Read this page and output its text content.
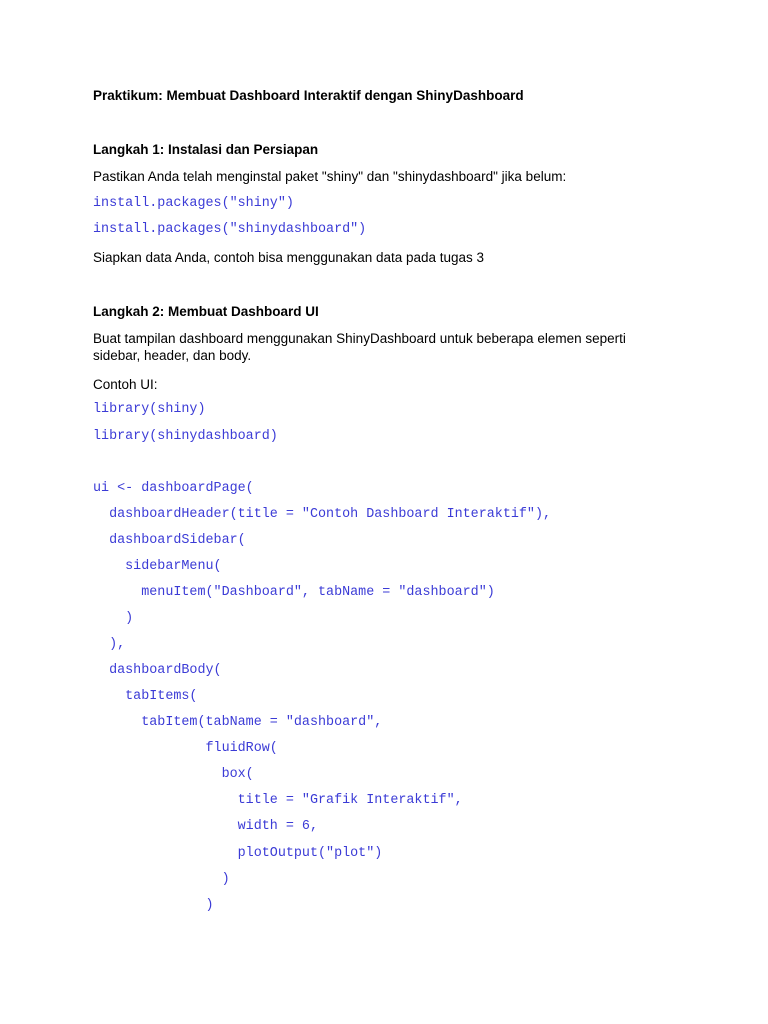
Praktikum: Membuat Dashboard Interaktif dengan ShinyDashboard
Langkah 1: Instalasi dan Persiapan
Pastikan Anda telah menginstal paket "shiny" dan "shinydashboard" jika belum:
install.packages("shiny")
install.packages("shinydashboard")
Siapkan data Anda, contoh bisa menggunakan data pada tugas 3
Langkah 2: Membuat Dashboard UI
Buat tampilan dashboard menggunakan ShinyDashboard untuk beberapa elemen seperti sidebar, header, dan body.
Contoh UI:
library(shiny)
library(shinydashboard)
ui <- dashboardPage(
dashboardHeader(title = "Contoh Dashboard Interaktif"),
dashboardSidebar(
sidebarMenu(
menuItem("Dashboard", tabName = "dashboard")
)
),
dashboardBody(
tabItems(
tabItem(tabName = "dashboard",
fluidRow(
box(
title = "Grafik Interaktif",
width = 6,
plotOutput("plot")
)
)
